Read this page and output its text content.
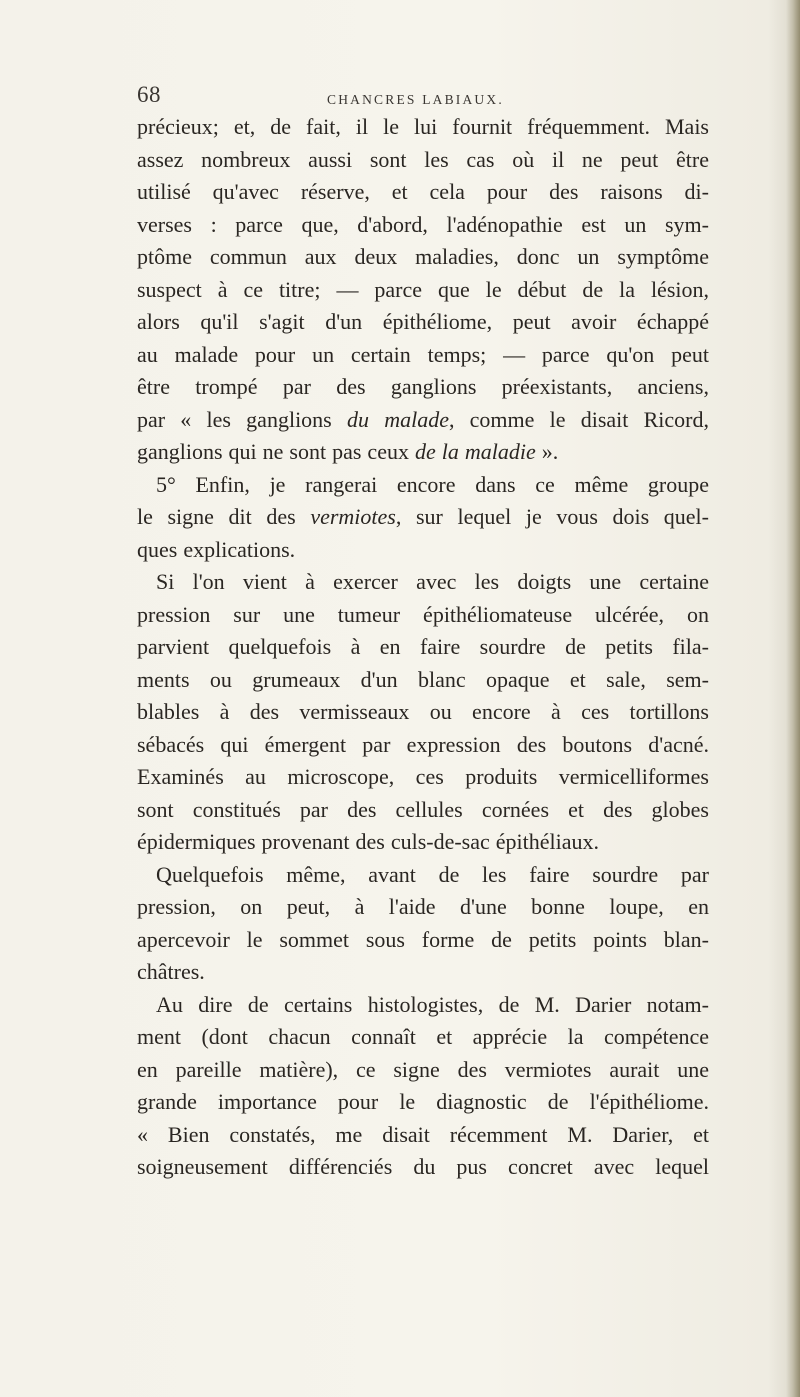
68	CHANCRES LABIAUX.
précieux; et, de fait, il le lui fournit fréquemment. Mais
assez nombreux aussi sont les cas où il ne peut être
utilisé qu'avec réserve, et cela pour des raisons di-
verses : parce que, d'abord, l'adénopathie est un sym-
ptôme commun aux deux maladies, donc un symptôme
suspect à ce titre; — parce que le début de la lésion,
alors qu'il s'agit d'un épithéliome, peut avoir échappé
au malade pour un certain temps; — parce qu'on peut
être trompé par des ganglions préexistants, anciens,
par « les ganglions du malade, comme le disait Ricord,
ganglions qui ne sont pas ceux de la maladie ».
5° Enfin, je rangerai encore dans ce même groupe
le signe dit des vermiotes, sur lequel je vous dois quel-
ques explications.
Si l'on vient à exercer avec les doigts une certaine
pression sur une tumeur épithéliomateuse ulcérée, on
parvient quelquefois à en faire sourdre de petits fila-
ments ou grumeaux d'un blanc opaque et sale, sem-
blables à des vermisseaux ou encore à ces tortillons
sébacés qui émergent par expression des boutons d'acné.
Examinés au microscope, ces produits vermicelliformes
sont constitués par des cellules cornées et des globes
épidermiques provenant des culs-de-sac épithéliaux.
Quelquefois même, avant de les faire sourdre par
pression, on peut, à l'aide d'une bonne loupe, en
apercevoir le sommet sous forme de petits points blan-
châtres.
Au dire de certains histologistes, de M. Darier notam-
ment (dont chacun connaît et apprécie la compétence
en pareille matière), ce signe des vermiotes aurait une
grande importance pour le diagnostic de l'épithéliome.
« Bien constatés, me disait récemment M. Darier, et
soigneusement différenciés du pus concret avec lequel
